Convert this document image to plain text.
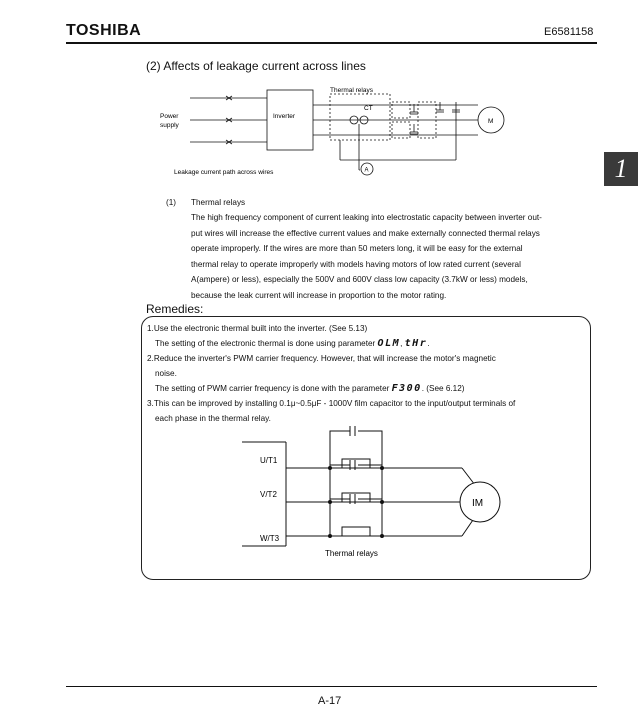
TOSHIBA	E6581158
(2) Affects of leakage current across lines
Thermal relays
Power
supply
Inverter
CT
M
A
Leakage current path across wires	1
(1) Thermal relays
The high frequency component of current leaking into electrostatic capacity between inverter out-
put wires will increase the effective current values and make externally connected thermal relays
operate improperly. If the wires are more than 50 meters long, it will be easy for the external
thermal relay to operate improperly with models having motors of low rated current (several
A(ampere) or less), especially the 500V and 600V class low capacity (3.7kW or less) models,
because the leak current will increase in proportion to the motor rating.
Remedies:
1.Use the electronic thermal built into the inverter. (See 5.13)
The setting of the electronic thermal is done using parameter OLM, tHr.
2.Reduce the inverter's PWM carrier frequency. However, that will increase the motor's magnetic
noise.
The setting of PWM carrier frequency is done with the parameter F300. (See 6.12)
3.This can be improved by installing 0.1μ~0.5μF - 1000V film capacitor to the input/output terminals of
each phase in the thermal relay.
U/T1
V/T2
W/T3
IM
Thermal relays
A-17
